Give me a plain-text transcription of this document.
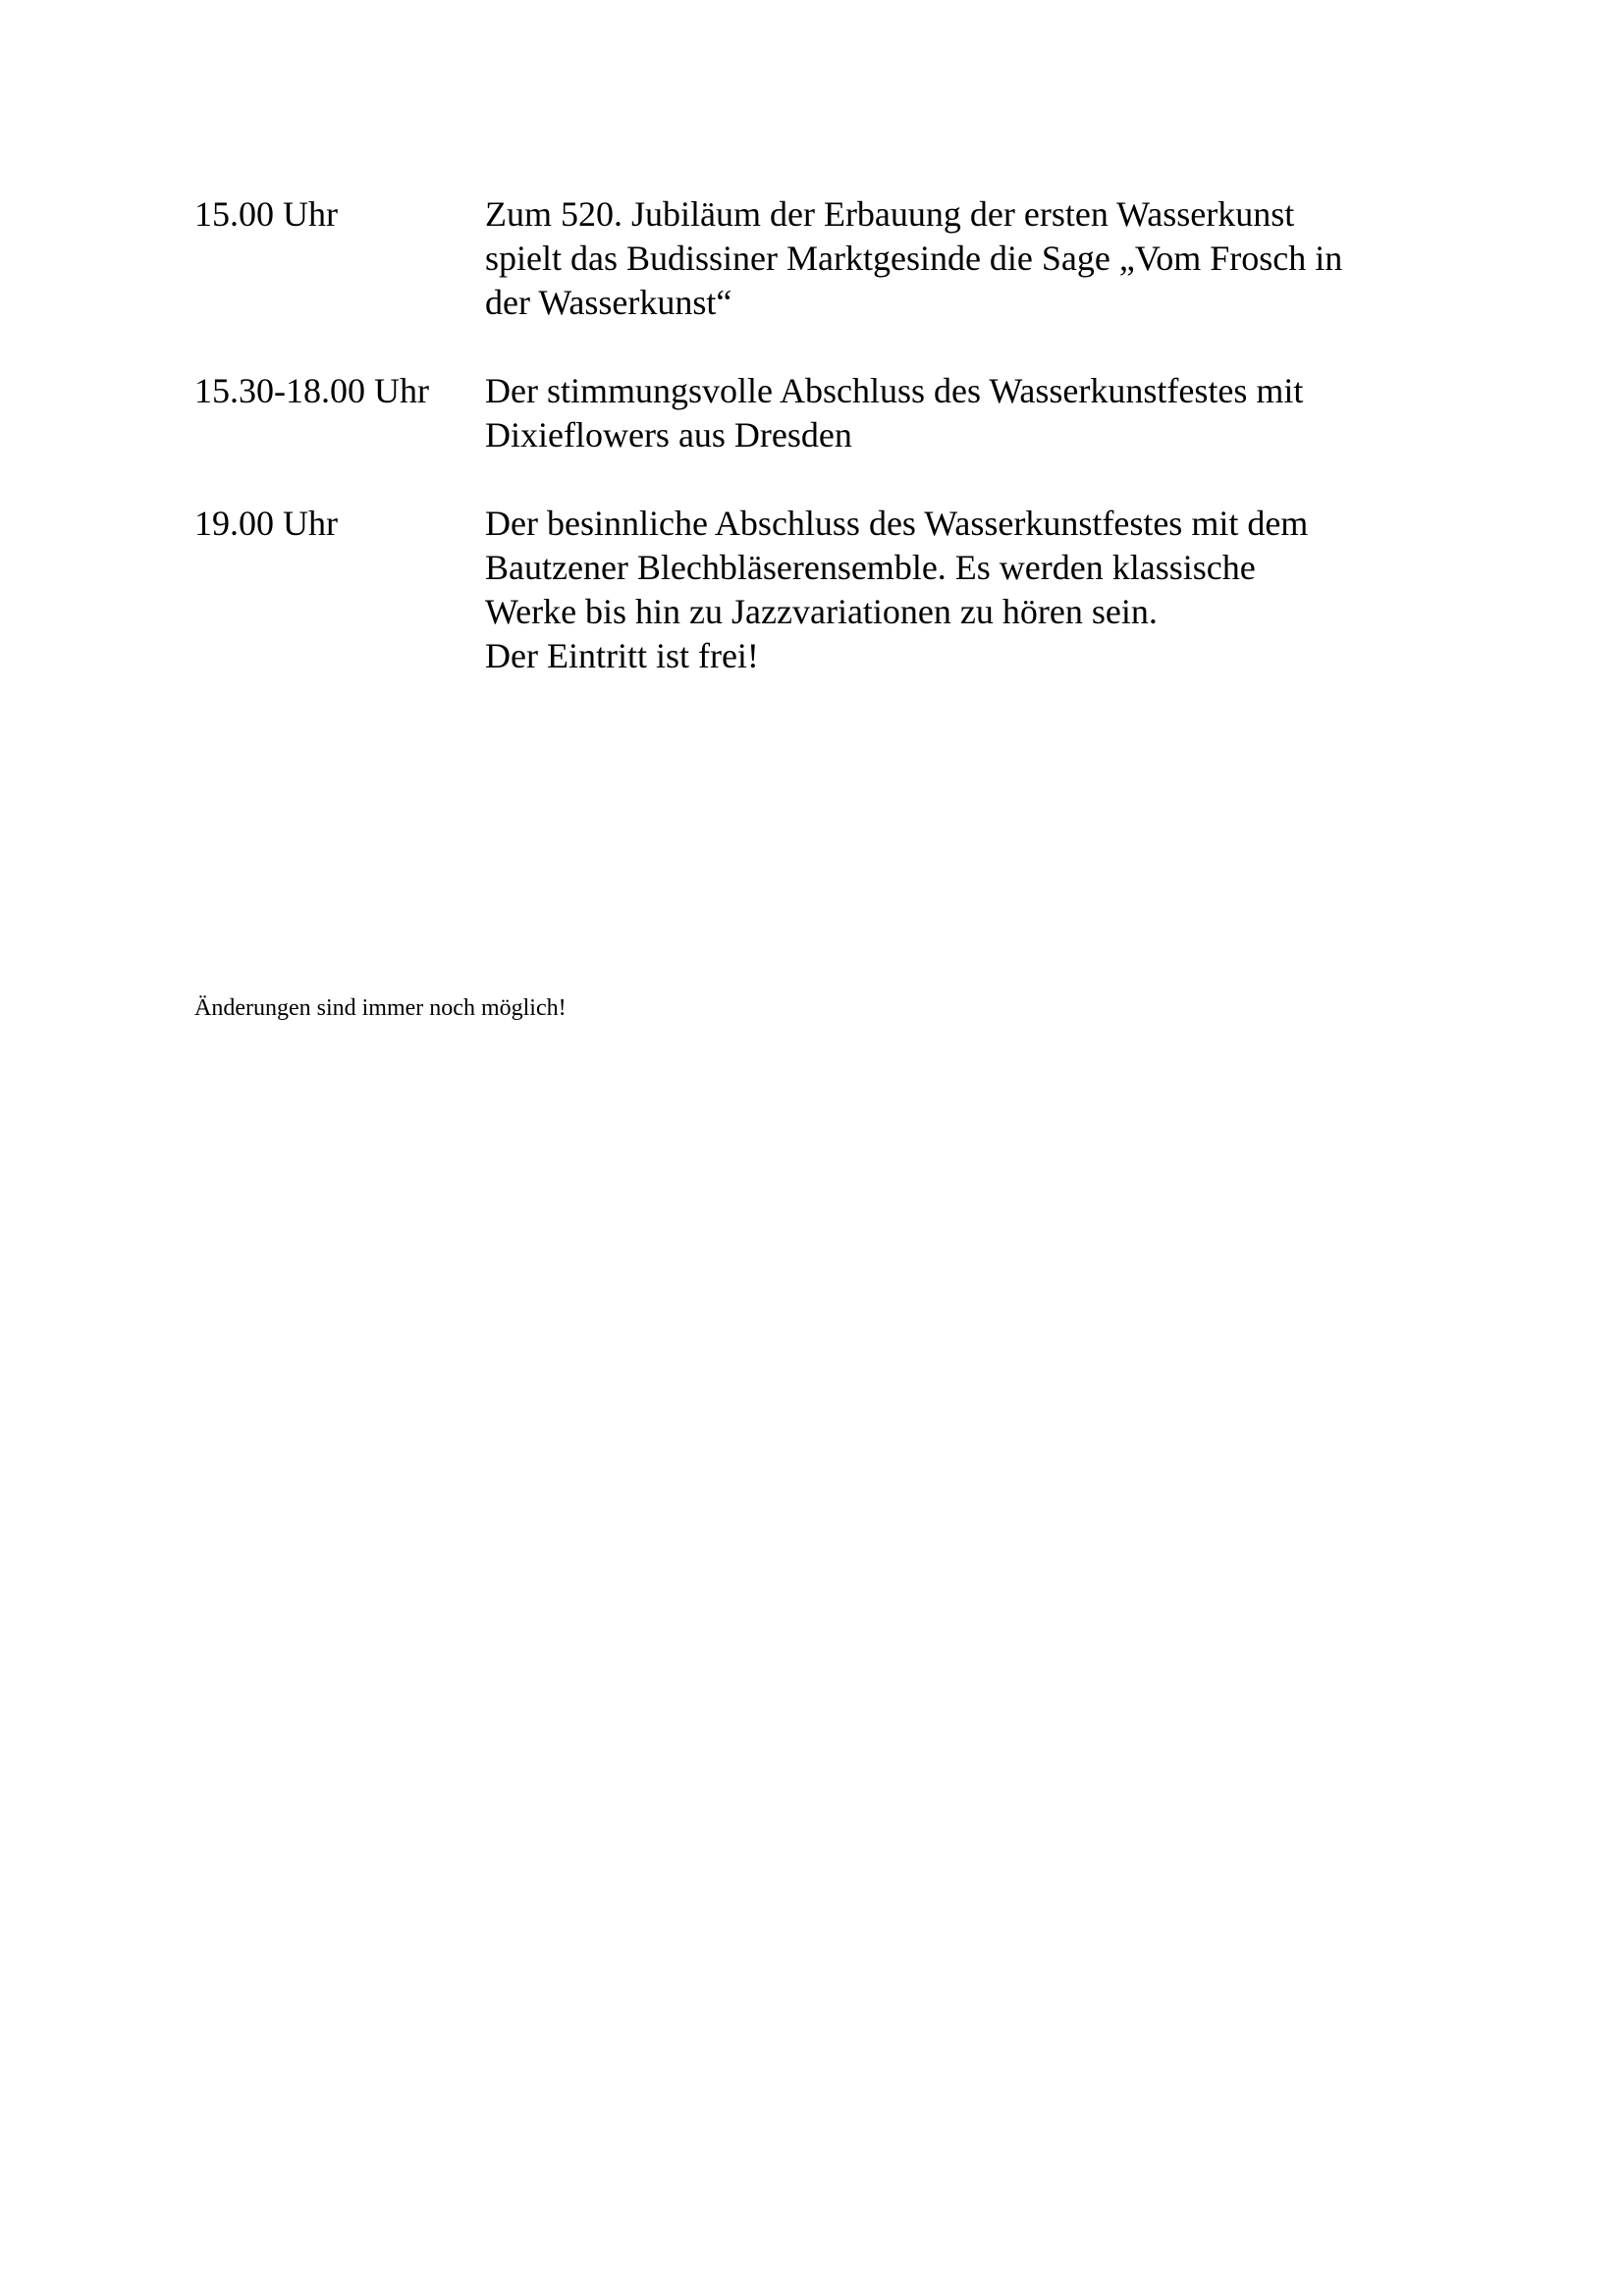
15.00 Uhr	Zum 520. Jubiläum der Erbauung der ersten Wasserkunst
spielt das Budissiner Marktgesinde die Sage „Vom Frosch in
der Wasserkunst“
15.30-18.00 Uhr	Der stimmungsvolle Abschluss des Wasserkunstfestes mit
Dixieflowers aus Dresden
19.00 Uhr	Der besinnliche Abschluss des Wasserkunstfestes mit dem
Bautzener Blechbläserensemble. Es werden klassische
Werke bis hin zu Jazzvariationen zu hören sein.
Der Eintritt ist frei!
Änderungen sind immer noch möglich!
